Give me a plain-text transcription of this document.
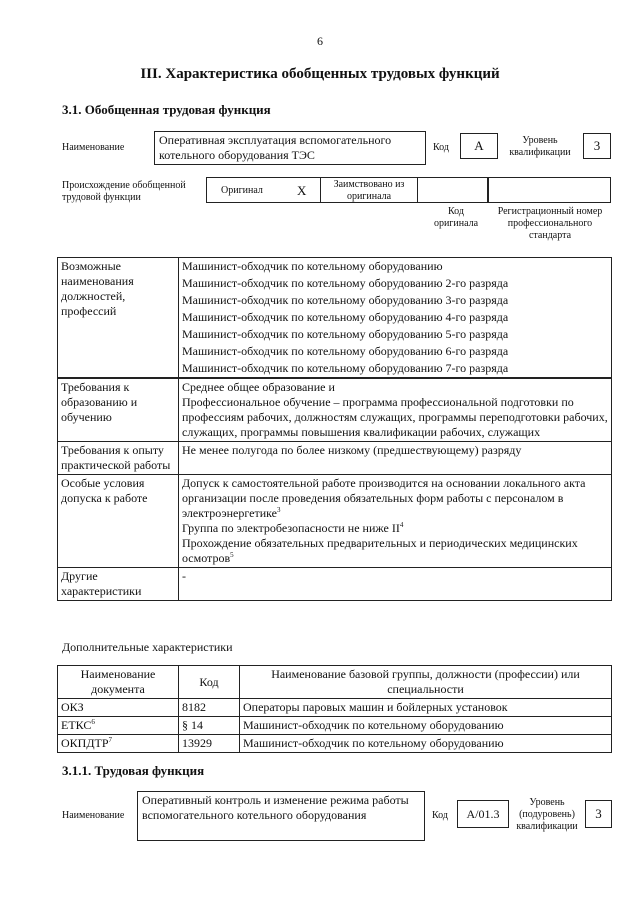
6
III. Характеристика обобщенных трудовых функций
3.1. Обобщенная трудовая функция
Наименование
Оперативная эксплуатация вспомогательного котельного оборудования ТЭС
Код	А	Уровень квалификации	3
Происхождение обобщенной трудовой функции
Оригинал	X	Заимствовано из оригинала
Код оригинала
Регистрационный номер профессионального стандарта
Возможные наименования должностей, профессий	
Машинист-обходчик по котельному оборудованию
Машинист-обходчик по котельному оборудованию 2-го разряда
Машинист-обходчик по котельному оборудованию 3-го разряда
Машинист-обходчик по котельному оборудованию 4-го разряда
Машинист-обходчик по котельному оборудованию 5-го разряда
Машинист-обходчик по котельному оборудованию 6-го разряда
Машинист-обходчик по котельному оборудованию 7-го разряда
Требования к образованию и обучению	Среднее общее образование и
Профессиональное обучение – программа профессиональной подготовки по профессиям рабочих, должностям служащих, программы переподготовки рабочих, служащих, программы повышения квалификации рабочих, служащих

Требования к опыту практической работы	Не менее полугода по более низкому (предшествующему) разряду
Особые условия допуска к работе	Допуск к самостоятельной работе производится на основании локального акта организации после проведения обязательных форм работы с персоналом в электроэнергетике$^3$
Группа по электробезопасности не ниже $II^4$
Прохождение обязательных предварительных и периодических медицинских осмотров$^5$

Другие характеристики	-
Дополнительные характеристики
Наименование документа	Код	Наименование базовой группы, должности (профессии) или специальности
ОКЗ	8182	Операторы паровых машин и бойлерных установок
ЕТКС$^6$	§ 14	Машинист-обходчик по котельному оборудованию
ОКПДТР$^7$	13929	Машинист-обходчик по котельному оборудованию
3.1.1. Трудовая функция
Наименование
Оперативный контроль и изменение режима работы вспомогательного котельного оборудования	Код	А/01.3
Уровень (подуровень) квалификации
3
